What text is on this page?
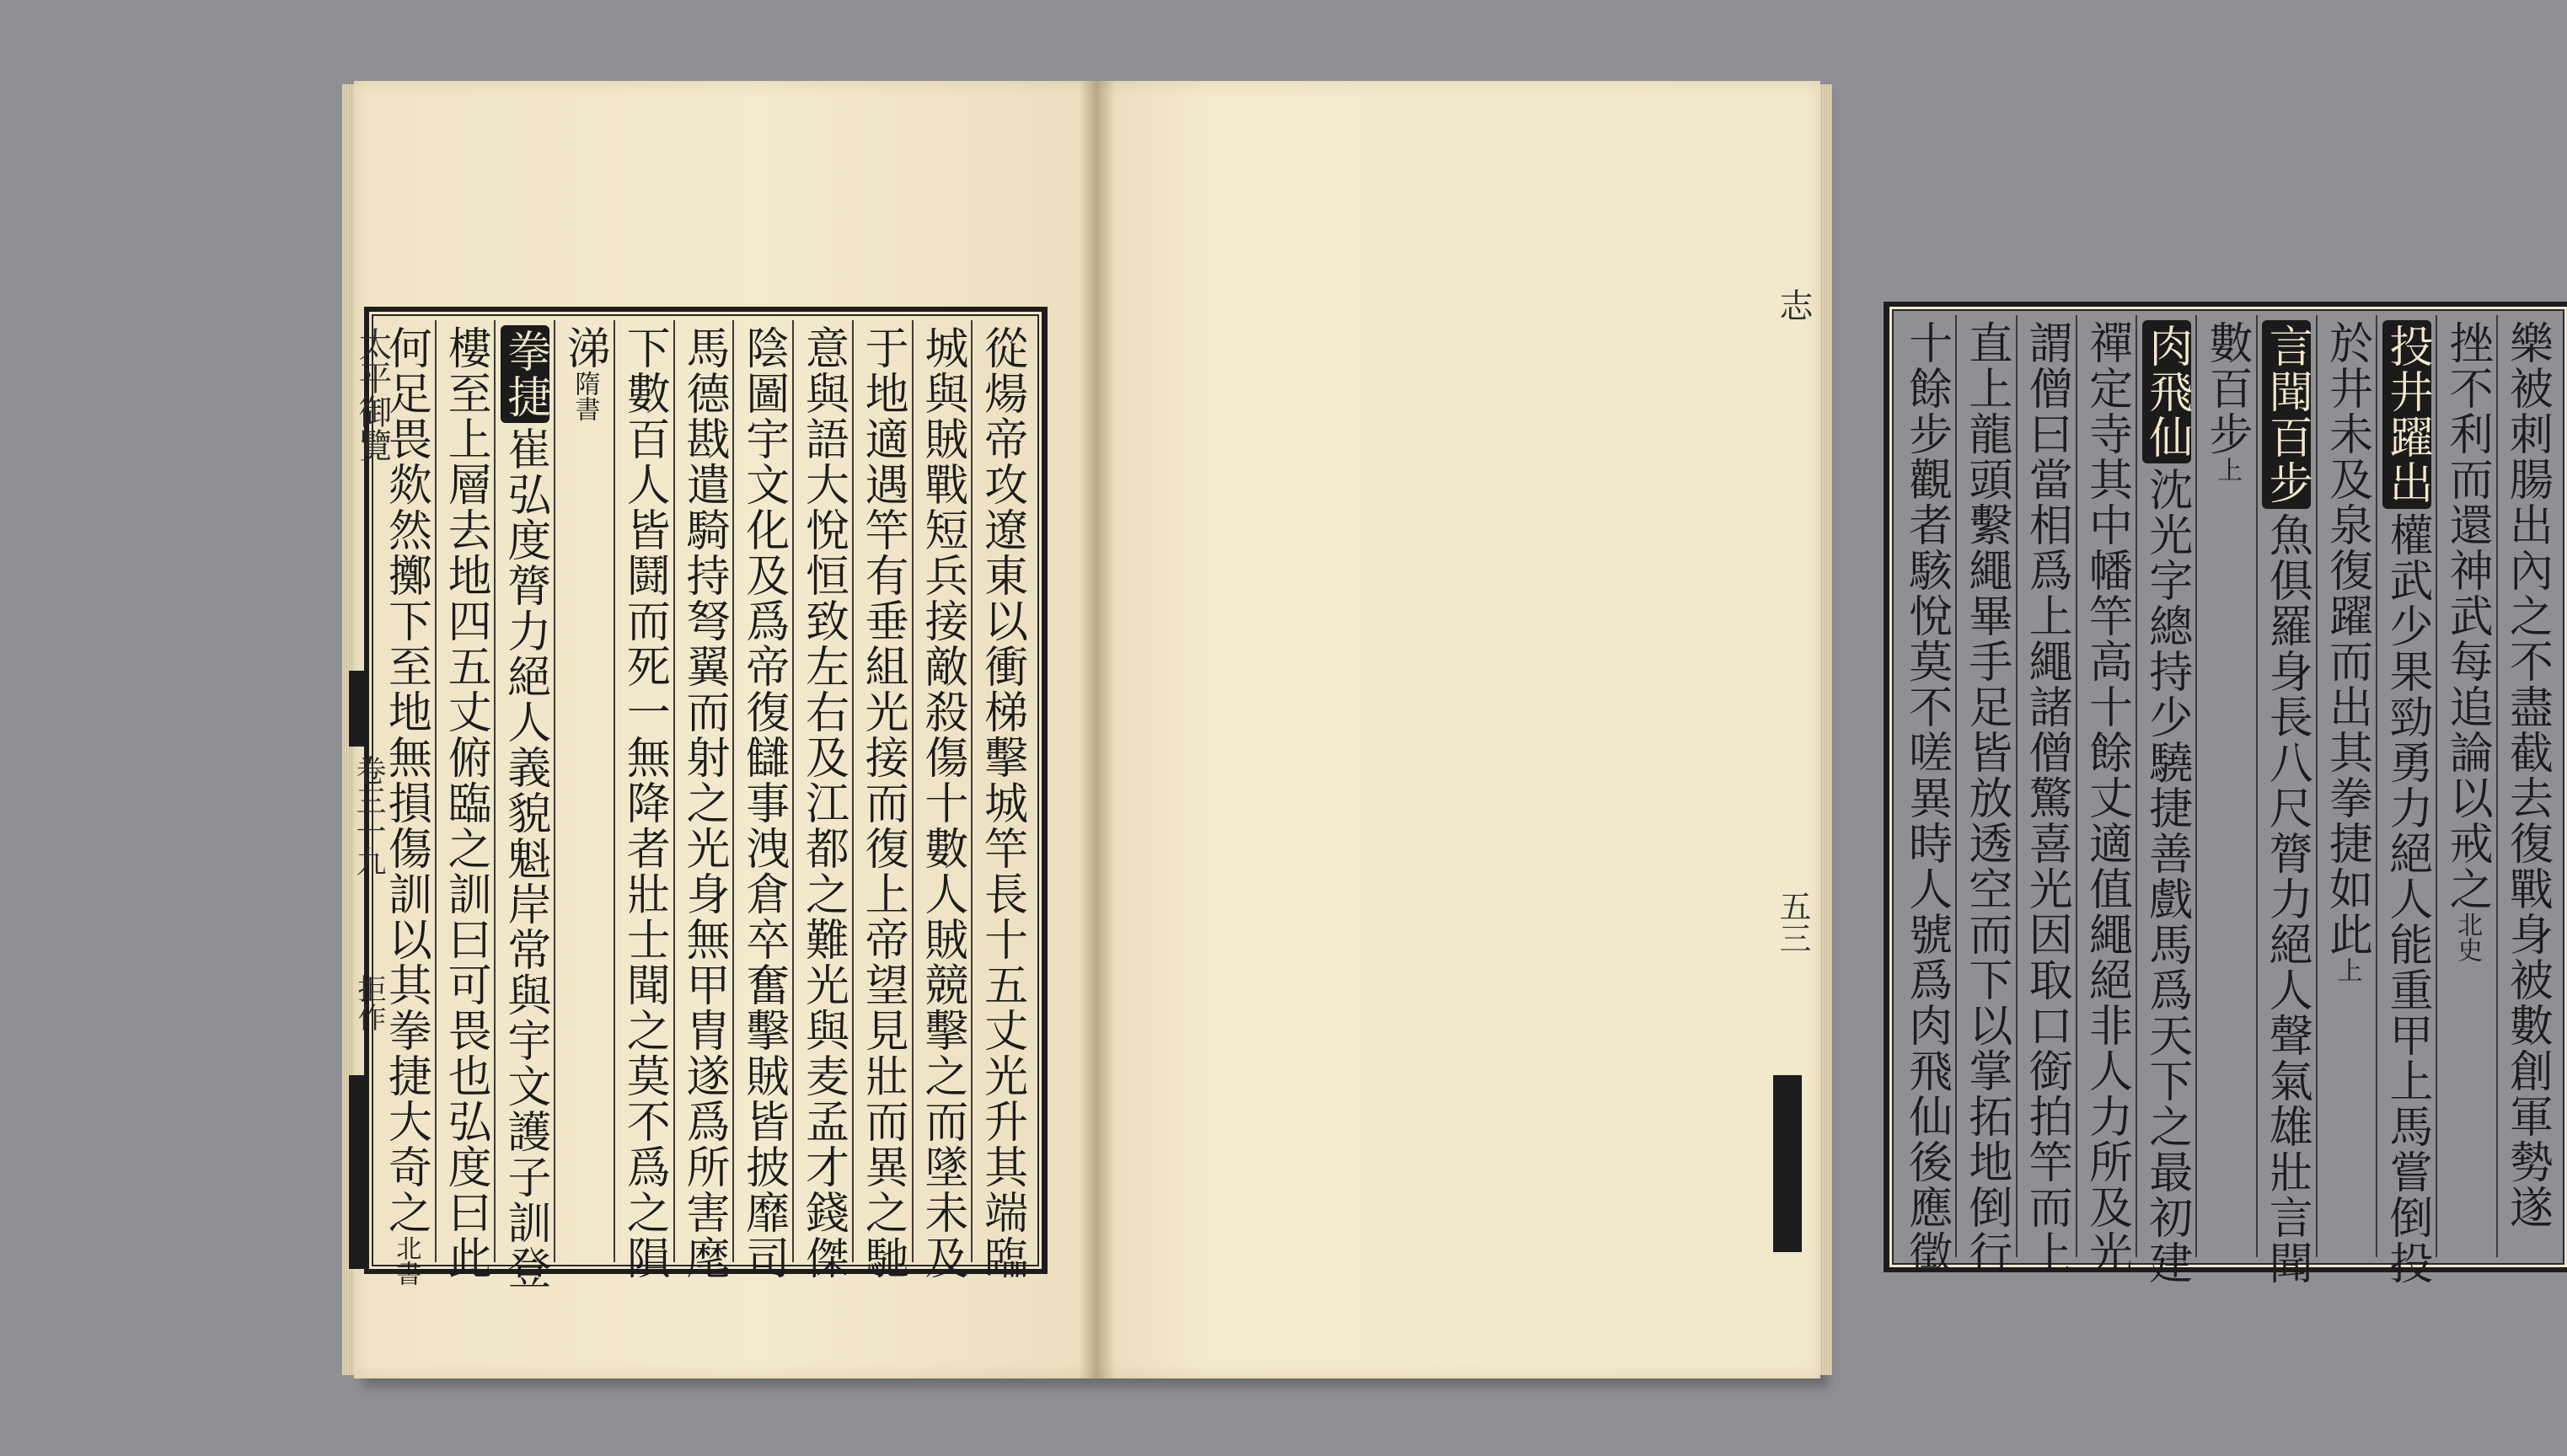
從煬帝攻遼東以衝梯擊城竿長十五丈光升其端臨
城與賊戰短兵接敵殺傷十數人賊競擊之而墜未及
于地適遇竿有垂組光接而復上帝望見壯而異之馳
意與語大悅恒致左右及江都之難光與麦孟才錢傑
陰圖宇文化及爲帝復讎事洩倉卒奮擊賊皆披靡司
馬德戡遣騎持弩翼而射之光身無甲胄遂爲所害麾
下數百人皆鬪而死一無降者壯士聞之莫不爲之隕
涕隋書
拳捷崔弘度膂力絕人義貌魁岸常與宇文護子訓登
樓至上層去地四五丈俯臨之訓曰可畏也弘度曰此
何足畏欻然擲下至地無損傷訓以其拳捷大奇之北書
太平御覽
卷三一九
拒作	樂被刺腸出內之不盡截去復戰身被數創軍勢遂
挫不利而還神武每追論以戒之北史
投井躍出權武少果勁勇力絕人能重甲上馬嘗倒投
於井未及泉復躍而出其拳捷如此上
言聞百步魚俱羅身長八尺膂力絕人聲氣雄壯言聞
數百步上
肉飛仙沈光字總持少驍捷善戲馬爲天下之最初建
禪定寺其中幡竿高十餘丈適值繩絕非人力所及光
謂僧曰當相爲上繩諸僧驚喜光因取口銜拍竿而上
直上龍頭繫繩畢手足皆放透空而下以掌拓地倒行
十餘步觀者駭悅莫不嗟異時人號爲肉飛仙後應徵
志
五三
